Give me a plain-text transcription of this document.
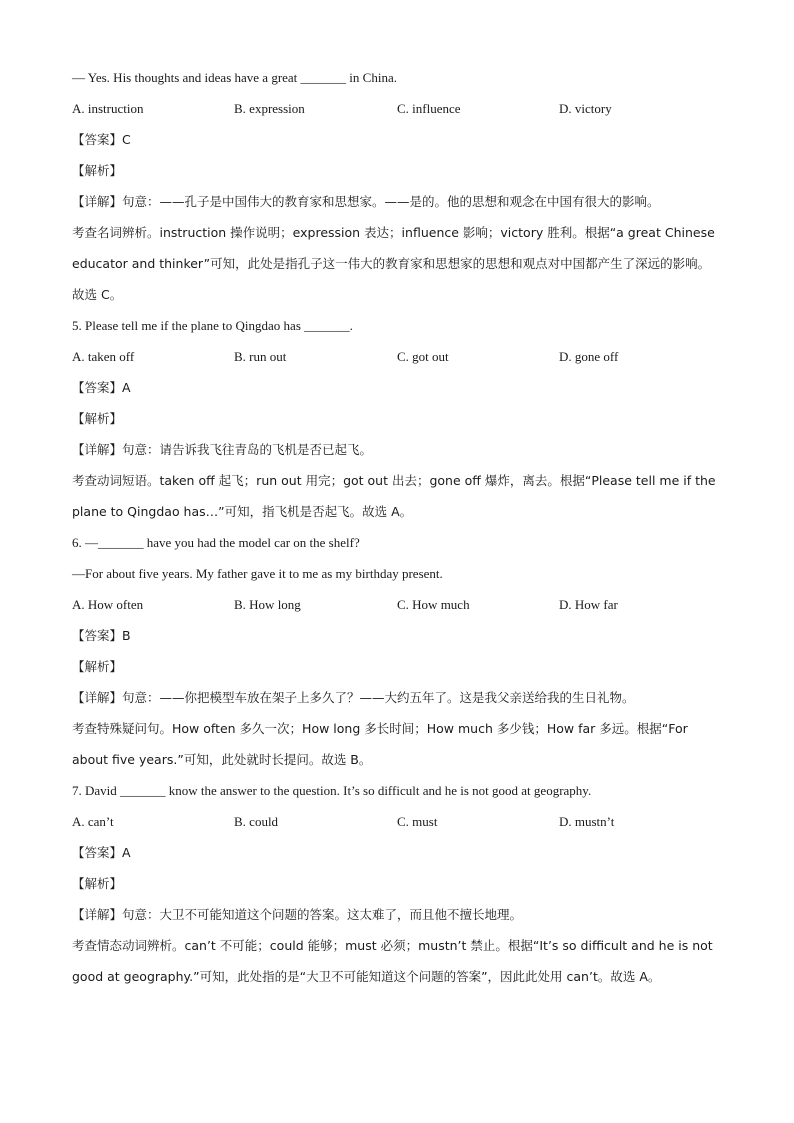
— Yes. His thoughts and ideas have a great _______ in China.
A. instruction	B. expression	C. influence	D. victory
【答案】C
【解析】
【详解】句意：——孔子是中国伟大的教育家和思想家。——是的。他的思想和观念在中国有很大的影响。
考查名词辨析。instruction 操作说明；expression 表达；influence 影响；victory 胜利。根据“a great Chinese educator and thinker”可知，此处是指孔子这一伟大的教育家和思想家的思想和观点对中国都产生了深远的影响。故选 C。
5. Please tell me if the plane to Qingdao has _______.
A. taken off	B. run out	C. got out	D. gone off
【答案】A
【解析】
【详解】句意：请告诉我飞往青岛的飞机是否已起飞。
考查动词短语。taken off 起飞；run out 用完；got out 出去；gone off 爆炸，离去。根据“Please tell me if the plane to Qingdao has…”可知，指飞机是否起飞。故选 A。
6. —_______ have you had the model car on the shelf?
—For about five years. My father gave it to me as my birthday present.
A. How often	B. How long	C. How much	D. How far
【答案】B
【解析】
【详解】句意：——你把模型车放在架子上多久了？——大约五年了。这是我父亲送给我的生日礼物。
考查特殊疑问句。How often 多久一次；How long 多长时间；How much 多少钱；How far 多远。根据“For about five years.”可知，此处就时长提问。故选 B。
7. David _______ know the answer to the question. It’s so difficult and he is not good at geography.
A. can’t	B. could	C. must	D. mustn’t
【答案】A
【解析】
【详解】句意：大卫不可能知道这个问题的答案。这太难了，而且他不擅长地理。
考查情态动词辨析。can’t 不可能；could 能够；must 必须；mustn’t 禁止。根据“It’s so difficult and he is not good at geography.”可知，此处指的是“大卫不可能知道这个问题的答案”，因此此处用 can’t。故选 A。
